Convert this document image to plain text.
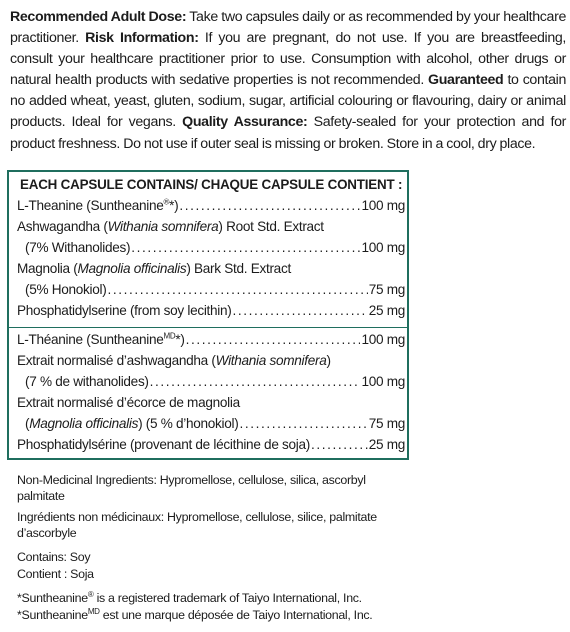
Recommended Adult Dose: Take two capsules daily or as recommended by your healthcare practitioner. Risk Information: If you are pregnant, do not use. If you are breastfeeding, consult your healthcare practitioner prior to use. Consumption with alcohol, other drugs or natural health products with sedative properties is not recommended. Guaranteed to contain no added wheat, yeast, gluten, sodium, sugar, artificial colouring or flavouring, dairy or animal products. Ideal for vegans. Quality Assurance: Safety-sealed for your protection and for product freshness. Do not use if outer seal is missing or broken. Store in a cool, dry place.
EACH CAPSULE CONTAINS/ CHAQUE CAPSULE CONTIENT :
L-Theanine (Suntheanine®*) .....	100 mg
Ashwagandha (Withania somnifera) Root Std. Extract
(7% Withanolides) .....	100 mg
Magnolia (Magnolia officinalis) Bark Std. Extract
(5% Honokiol) .....	75 mg
Phosphatidylserine (from soy lecithin) .....	25 mg
L-Théanine (Suntheanine$^{MD}$*) .....	100 mg
Extrait normalisé d’ashwagandha (Withania somnifera)
(7 % de withanolides) .....	100 mg
Extrait normalisé d’écorce de magnolia
(Magnolia officinalis) (5 % d’honokiol) .....	75 mg
Phosphatidylsérine (provenant de lécithine de soja) .....	25 mg
Non-Medicinal Ingredients: Hypromellose, cellulose, silica, ascorbyl palmitate
Ingrédients non médicinaux: Hypromellose, cellulose, silice, palmitate d’ascorbyle
Contains: Soy
Contient : Soja
*Suntheanine® is a registered trademark of Taiyo International, Inc.
*Suntheanine$^{MD}$ est une marque déposée de Taiyo International, Inc.
